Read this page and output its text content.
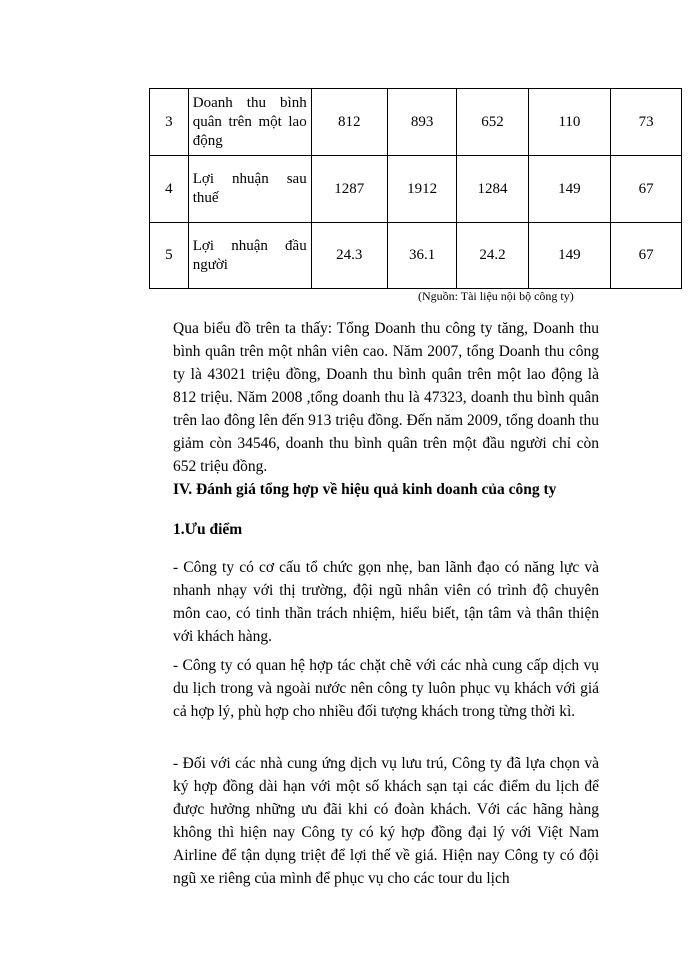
3	Doanh thu bình quân trên một lao động	812	893	652	110	73
4	Lợi nhuận sau thuế	1287	1912	1284	149	67
5	Lợi nhuận đầu người	24.3	36.1	24.2	149	67
(Nguồn: Tài liệu nội bộ công ty)

Qua biểu đồ trên ta thấy: Tổng Doanh thu công ty tăng, Doanh thu bình quân trên một nhân viên cao. Năm 2007, tổng Doanh thu công ty là 43021 triệu đồng, Doanh thu bình quân trên một lao động là 812 triệu. Năm 2008 ,tổng doanh thu là 47323, doanh thu bình quân trên lao đông lên đến 913 triệu đồng. Đến năm 2009, tổng doanh thu giảm còn 34546, doanh thu bình quân trên một đầu người chỉ còn 652 triệu đồng.

IV. Đánh giá tổng hợp về hiệu quả kinh doanh của công ty
1.Ưu điểm

- Công ty có cơ cấu tổ chức gọn nhẹ, ban lãnh đạo có năng lực và nhanh nhạy với thị trường, đội ngũ nhân viên có trình độ chuyên môn cao, có tinh thần trách nhiệm, hiểu biết, tận tâm và thân thiện với khách hàng.

- Công ty có quan hệ hợp tác chặt chẽ với các nhà cung cấp dịch vụ du lịch trong và ngoài nước nên công ty luôn phục vụ khách với giá cả hợp lý, phù hợp cho nhiều đối tượng khách trong từng thời kì.

- Đối với các nhà cung ứng dịch vụ lưu trú, Công ty đã lựa chọn và ký hợp đồng dài hạn với một số khách sạn tại các điểm du lịch để được hưởng những ưu đãi khi có đoàn khách. Với các hãng hàng không thì hiện nay Công ty có ký hợp đồng đại lý với Việt Nam Airline để tận dụng triệt để lợi thế về giá. Hiện nay Công ty có đội ngũ xe riêng của mình để phục vụ cho các tour du lịch
